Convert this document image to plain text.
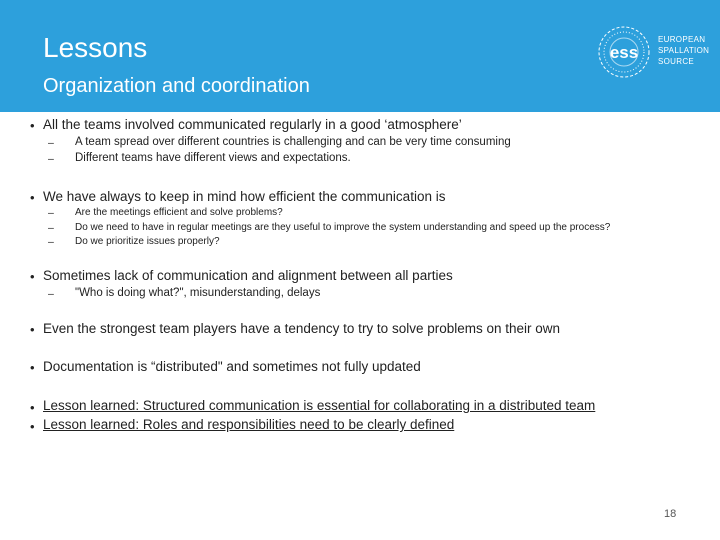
Lessons
Organization and coordination
ess
EUROPEAN
SPALLATION
SOURCE
• All the teams involved communicated regularly in a good ‘atmosphere’
– A team spread over different countries is challenging and can be very time consuming
– Different teams have different views and expectations.
• We have always to keep in mind how efficient the communication is
– Are the meetings efficient and solve problems?
– Do we need to have in regular meetings are they useful to improve the system understanding and speed up the process?
– Do we prioritize issues properly?
• Sometimes lack of communication and alignment between all parties
– "Who is doing what?", misunderstanding, delays
• Even the strongest team players have a tendency to try to solve problems on their own
• Documentation is “distributed" and sometimes not fully updated
• Lesson learned: Structured communication is essential for collaborating in a distributed team
• Lesson learned: Roles and responsibilities need to be clearly defined
18
